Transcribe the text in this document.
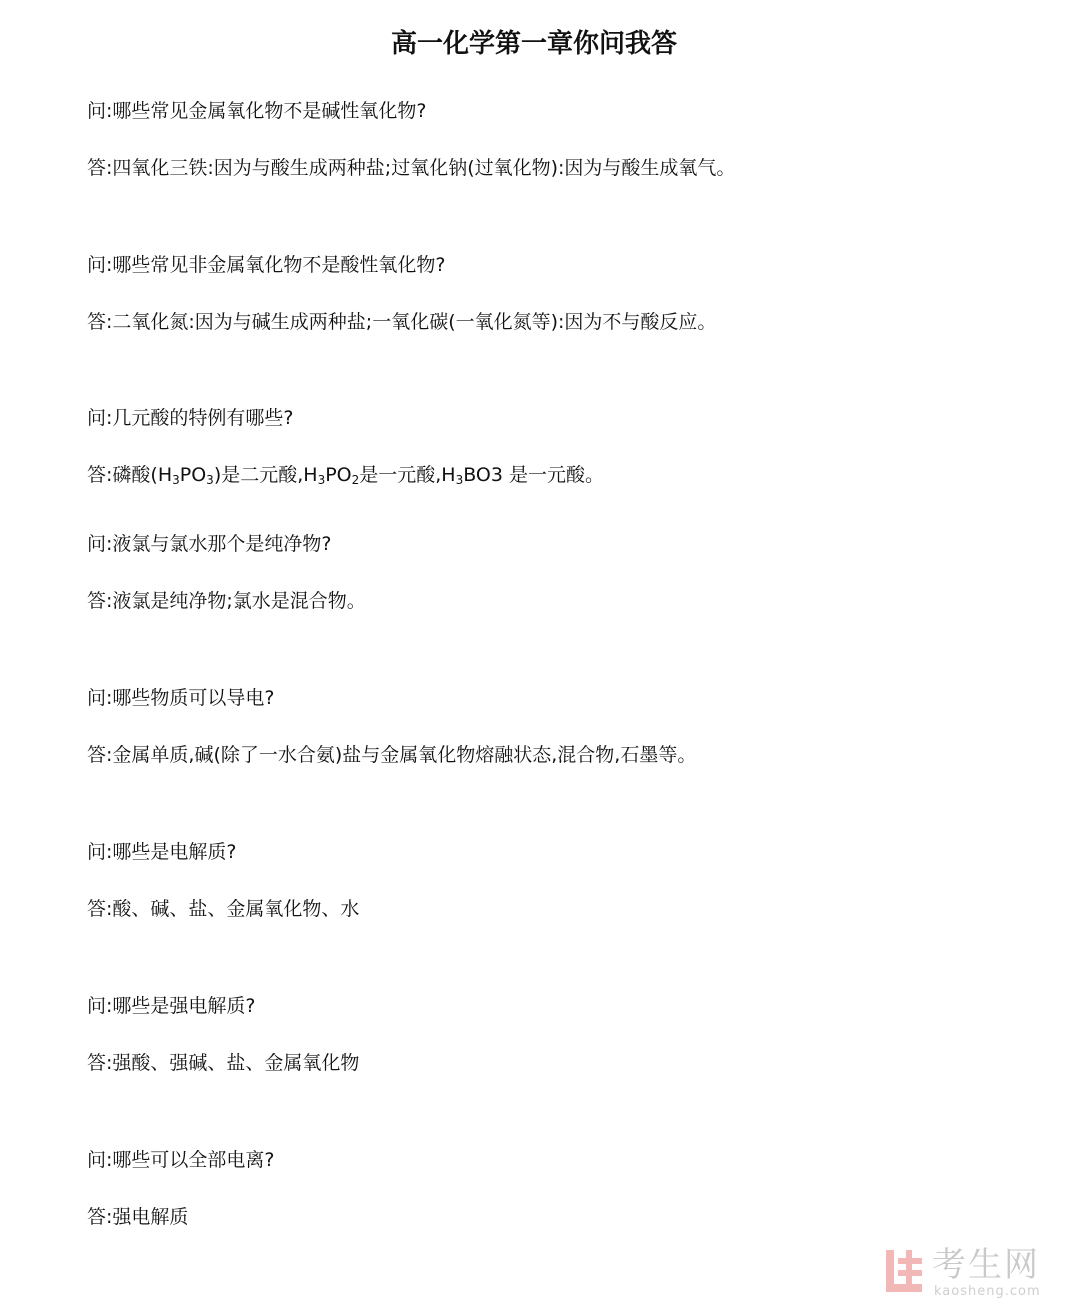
高一化学第一章你问我答

问:哪些常见金属氧化物不是碱性氧化物?

答:四氧化三铁:因为与酸生成两种盐;过氧化钠(过氧化物):因为与酸生成氧气。

问:哪些常见非金属氧化物不是酸性氧化物?

答:二氧化氮:因为与碱生成两种盐;一氧化碳(一氧化氮等):因为不与酸反应。

问:几元酸的特例有哪些?

答:磷酸$(H_3PO_3)$是二元酸$,H_3PO_2$是一元酸$,H_3BO3$ 是一元酸。

问:液氯与氯水那个是纯净物?

答:液氯是纯净物;氯水是混合物。

问:哪些物质可以导电?

答:金属单质,碱(除了一水合氨)盐与金属氧化物熔融状态,混合物,石墨等。

问:哪些是电解质?

答:酸、碱、盐、金属氧化物、水

问:哪些是强电解质?

答:强酸、强碱、盐、金属氧化物

问:哪些可以全部电离?

答:强电解质

考生网
kaosheng.com
